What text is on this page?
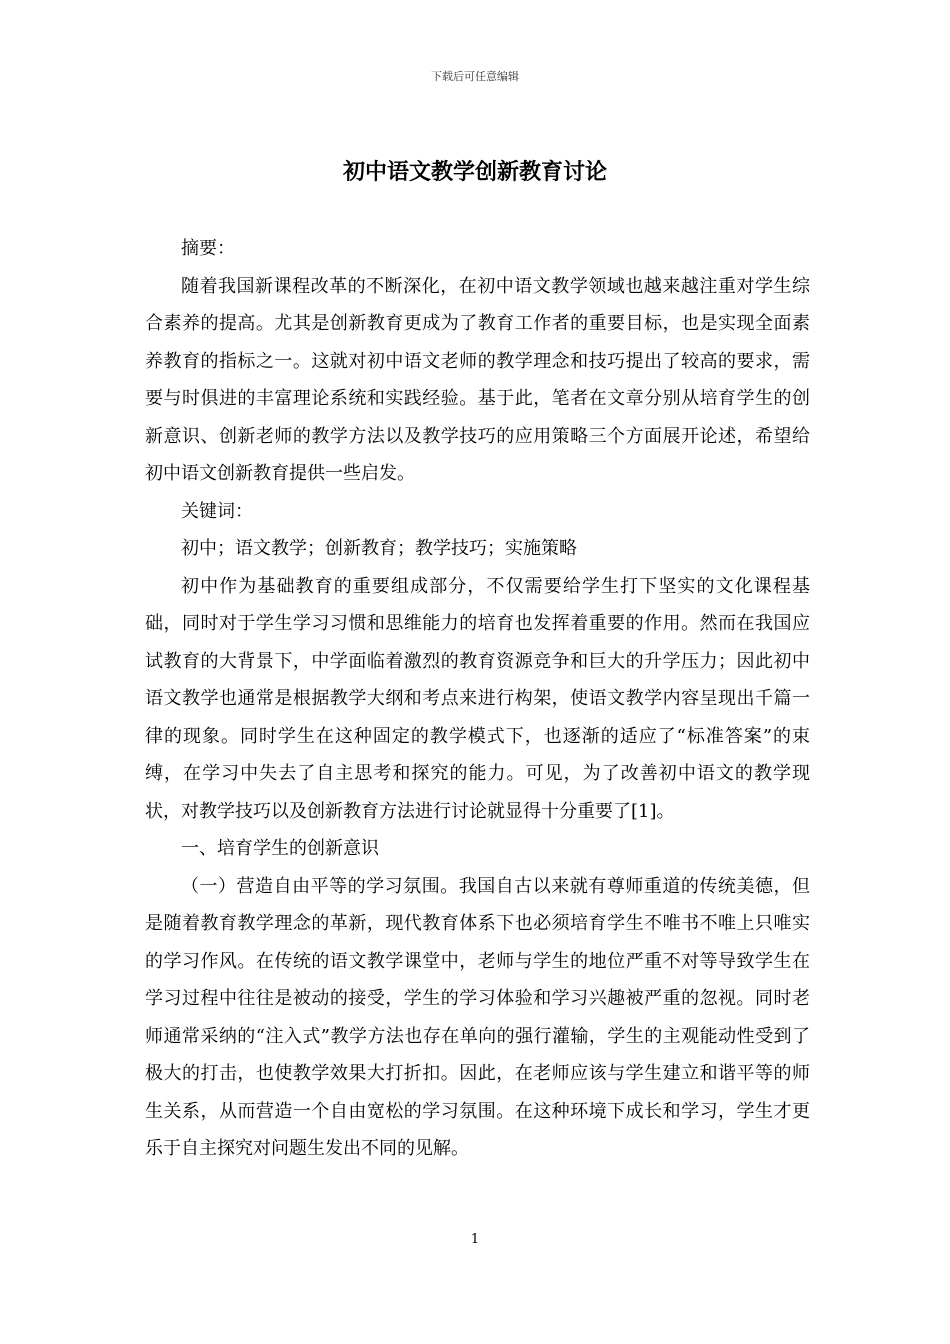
下载后可任意编辑
初中语文教学创新教育讨论

摘要：

随着我国新课程改革的不断深化，在初中语文教学领域也越来越注重对学生综合素养的提高。尤其是创新教育更成为了教育工作者的重要目标，也是实现全面素养教育的指标之一。这就对初中语文老师的教学理念和技巧提出了较高的要求，需要与时俱进的丰富理论系统和实践经验。基于此，笔者在文章分别从培育学生的创新意识、创新老师的教学方法以及教学技巧的应用策略三个方面展开论述，希望给初中语文创新教育提供一些启发。

关键词：

初中；语文教学；创新教育；教学技巧；实施策略

初中作为基础教育的重要组成部分，不仅需要给学生打下坚实的文化课程基础，同时对于学生学习习惯和思维能力的培育也发挥着重要的作用。然而在我国应试教育的大背景下，中学面临着激烈的教育资源竞争和巨大的升学压力；因此初中语文教学也通常是根据教学大纲和考点来进行构架，使语文教学内容呈现出千篇一律的现象。同时学生在这种固定的教学模式下，也逐渐的适应了“标准答案”的束缚，在学习中失去了自主思考和探究的能力。可见，为了改善初中语文的教学现状，对教学技巧以及创新教育方法进行讨论就显得十分重要了[1]。

一、培育学生的创新意识

（一）营造自由平等的学习氛围。我国自古以来就有尊师重道的传统美德，但是随着教育教学理念的革新，现代教育体系下也必须培育学生不唯书不唯上只唯实的学习作风。在传统的语文教学课堂中，老师与学生的地位严重不对等导致学生在学习过程中往往是被动的接受，学生的学习体验和学习兴趣被严重的忽视。同时老师通常采纳的“注入式”教学方法也存在单向的强行灌输，学生的主观能动性受到了极大的打击，也使教学效果大打折扣。因此，在老师应该与学生建立和谐平等的师生关系，从而营造一个自由宽松的学习氛围。在这种环境下成长和学习，学生才更乐于自主探究对问题生发出不同的见解。

1
